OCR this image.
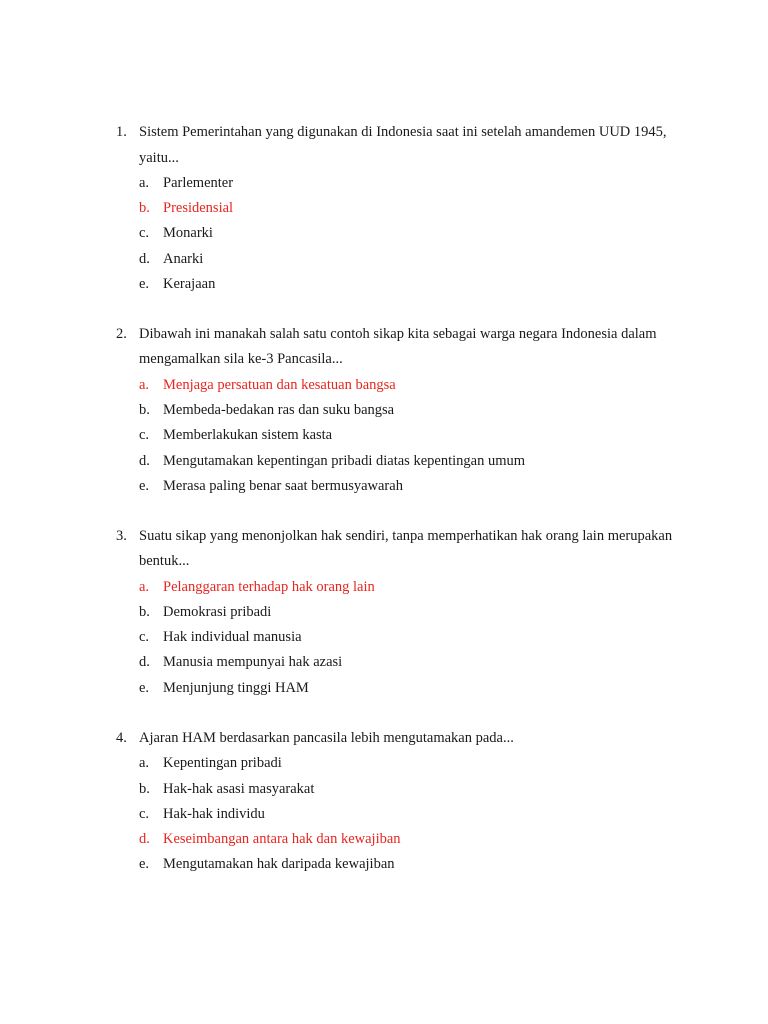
1. Sistem Pemerintahan yang digunakan di Indonesia saat ini setelah amandemen UUD 1945, yaitu...
a. Parlementer
b. Presidensial
c. Monarki
d. Anarki
e. Kerajaan
2. Dibawah ini manakah salah satu contoh sikap kita sebagai warga negara Indonesia dalam mengamalkan sila ke-3 Pancasila...
a. Menjaga persatuan dan kesatuan bangsa
b. Membeda-bedakan ras dan suku bangsa
c. Memberlakukan sistem kasta
d. Mengutamakan kepentingan pribadi diatas kepentingan umum
e. Merasa paling benar saat bermusyawarah
3. Suatu sikap yang menonjolkan hak sendiri, tanpa memperhatikan hak orang lain merupakan bentuk...
a. Pelanggaran terhadap hak orang lain
b. Demokrasi pribadi
c. Hak individual manusia
d. Manusia mempunyai hak azasi
e. Menjunjung tinggi HAM
4. Ajaran HAM berdasarkan pancasila lebih mengutamakan pada...
a. Kepentingan pribadi
b. Hak-hak asasi masyarakat
c. Hak-hak individu
d. Keseimbangan antara hak dan kewajiban
e. Mengutamakan hak daripada kewajiban
